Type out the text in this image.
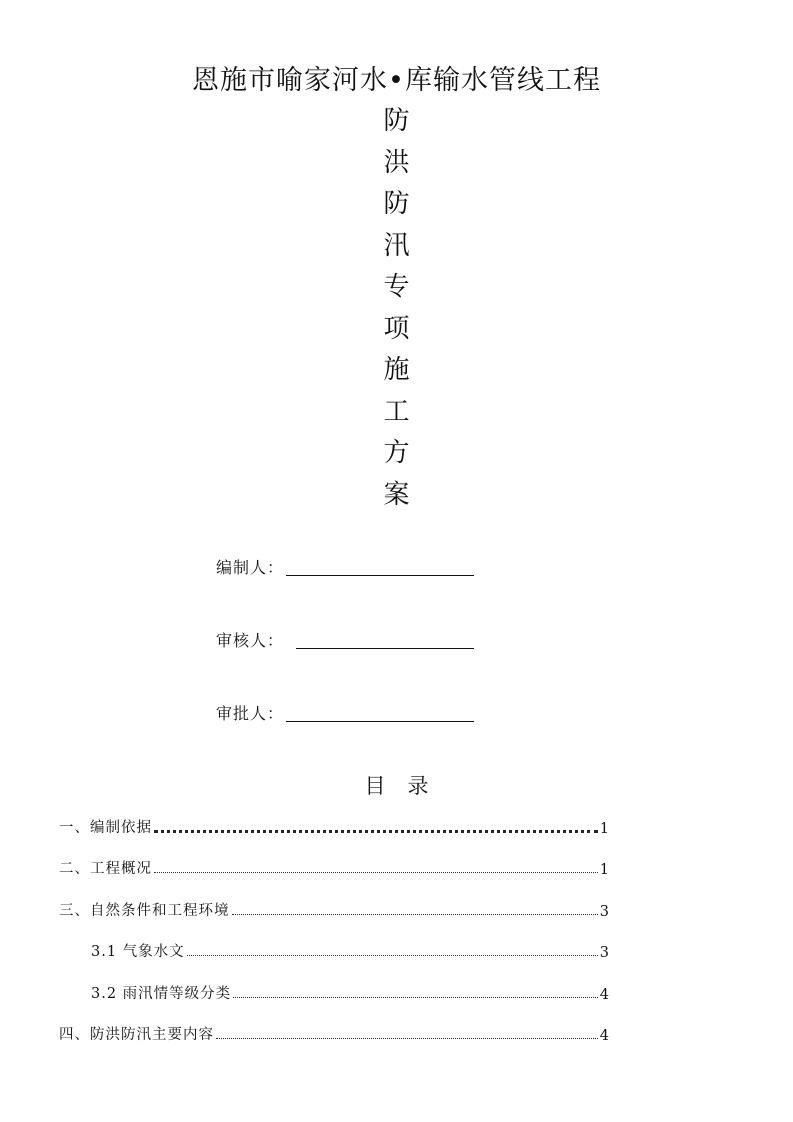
恩施市喻家河水•库输水管线工程
防
洪
防
汛
专
项
施
工
方
案
编制人：
审核人：
审批人：
目 录
一、编制依据	1
二、工程概况	1
三、自然条件和工程环境	3
3.1 气象水文	3
3.2 雨汛情等级分类	4
四、防洪防汛主要内容	4
